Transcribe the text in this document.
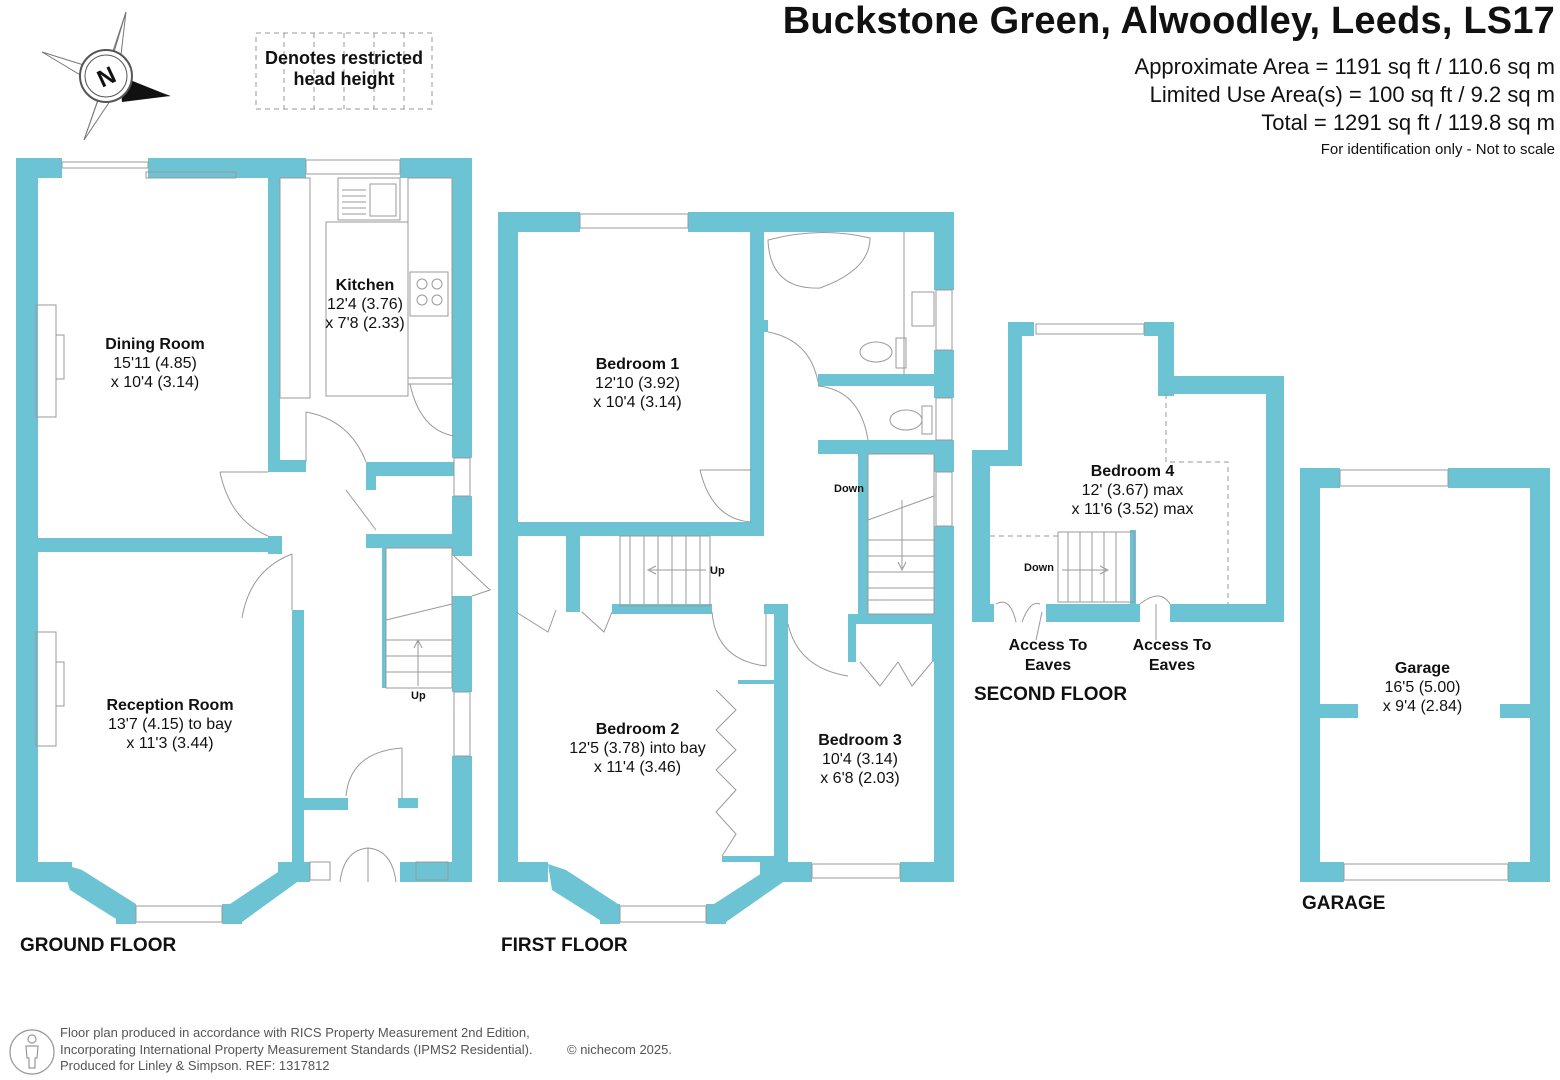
N
Buckstone Green, Alwoodley, Leeds, LS17
Approximate Area = 1191 sq ft / 110.6 sq m
Limited Use Area(s) = 100 sq ft / 9.2 sq m
Total = 1291 sq ft / 119.8 sq m
For identification only - Not to scale
Denotes restricted
head height
Kitchen
12'4 (3.76)
x 7'8 (2.33)
Dining Room
15'11 (4.85)
x 10'4 (3.14)
Reception Room
13'7 (4.15) to bay
x 11'3 (3.44)
Up
Bedroom 1
12'10 (3.92)
x 10'4 (3.14)
Bedroom 2
12'5 (3.78) into bay
x 11'4 (3.46)
Bedroom 3
10'4 (3.14)
x 6'8 (2.03)
Up
Down
Bedroom 4
12' (3.67) max
x 11'6 (3.52) max
Down
Access To
Eaves
Access To
Eaves	Garage
16'5 (5.00)
x 9'4 (2.84)
GROUND FLOOR	FIRST FLOOR
SECOND FLOOR
GARAGE
Floor plan produced in accordance with RICS Property Measurement 2nd Edition,
Incorporating International Property Measurement Standards (IPMS2 Residential).
Produced for Linley & Simpson. REF: 1317812
© nichecom 2025.
